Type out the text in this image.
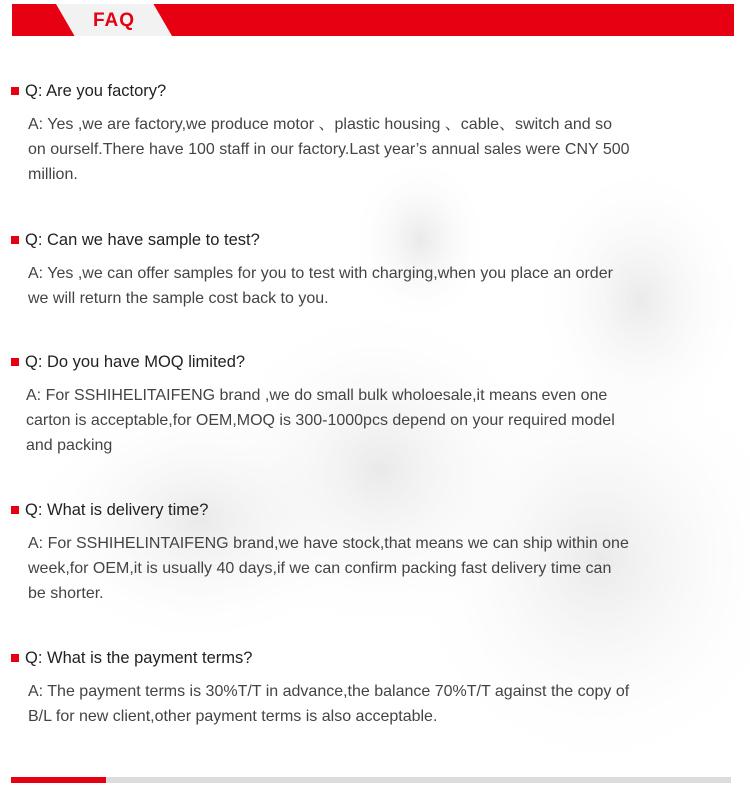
FAQ
Q: Are you factory?

A: Yes ,we are factory,we produce motor 、plastic housing 、cable、switch and so
on ourself.There have 100 staff in our factory.Last year’s annual sales were CNY 500
million.

Q: Can we have sample to test?

A: Yes ,we can offer samples for you to test with charging,when you place an order
we will return the sample cost back to you.

Q: Do you have MOQ limited?

A: For SSHIHELITAIFENG brand ,we do small bulk wholoesale,it means even one
carton is acceptable,for OEM,MOQ is 300-1000pcs depend on your required model
and packing

Q: What is delivery time?

A: For SSHIHELINTAIFENG brand,we have stock,that means we can ship within one
week,for OEM,it is usually 40 days,if we can confirm packing fast delivery time can
be shorter.

Q: What is the payment terms?

A: The payment terms is 30%T/T in advance,the balance 70%T/T against the copy of
B/L for new client,other payment terms is also acceptable.
